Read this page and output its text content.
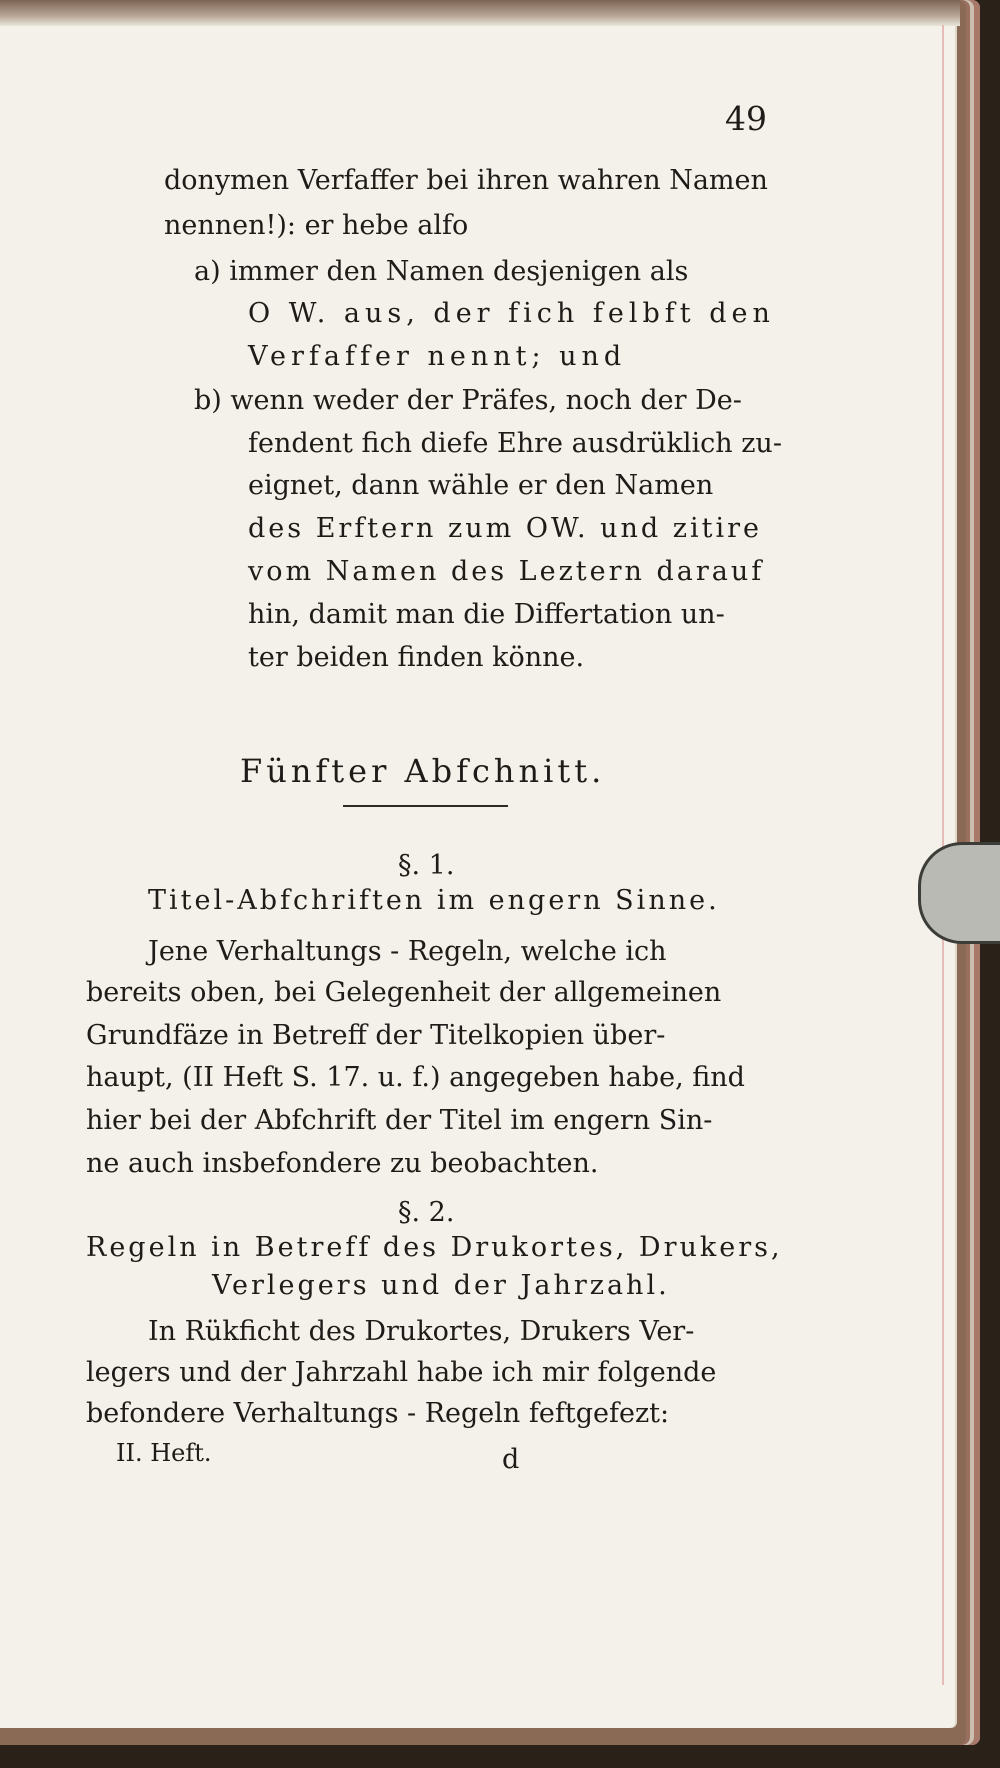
49
donymen Verfaffer bei ihren wahren Namen
nennen!): er hebe alfo
a) immer den Namen desjenigen als
O W. aus, der fich felbft den
Verfaffer nennt; und
b) wenn weder der Präfes, noch der De-
fendent fich diefe Ehre ausdrüklich zu-
eignet, dann wähle er den Namen
des Erftern zum OW. und zitire
vom Namen des Leztern darauf
hin, damit man die Differtation un-
ter beiden finden könne.
Fünfter Abfchnitt.
§. 1.
Titel-Abfchriften im engern Sinne.
Jene Verhaltungs - Regeln, welche ich
bereits oben, bei Gelegenheit der allgemeinen
Grundfäze in Betreff der Titelkopien über-
haupt, (II Heft S. 17. u. f.) angegeben habe, find
hier bei der Abfchrift der Titel im engern Sin-
ne auch insbefondere zu beobachten.
§. 2.
Regeln in Betreff des Drukortes, Drukers,
Verlegers und der Jahrzahl.
In Rükficht des Drukortes, Drukers Ver-
legers und der Jahrzahl habe ich mir folgende
befondere Verhaltungs - Regeln feftgefezt:
II. Heft.	d
